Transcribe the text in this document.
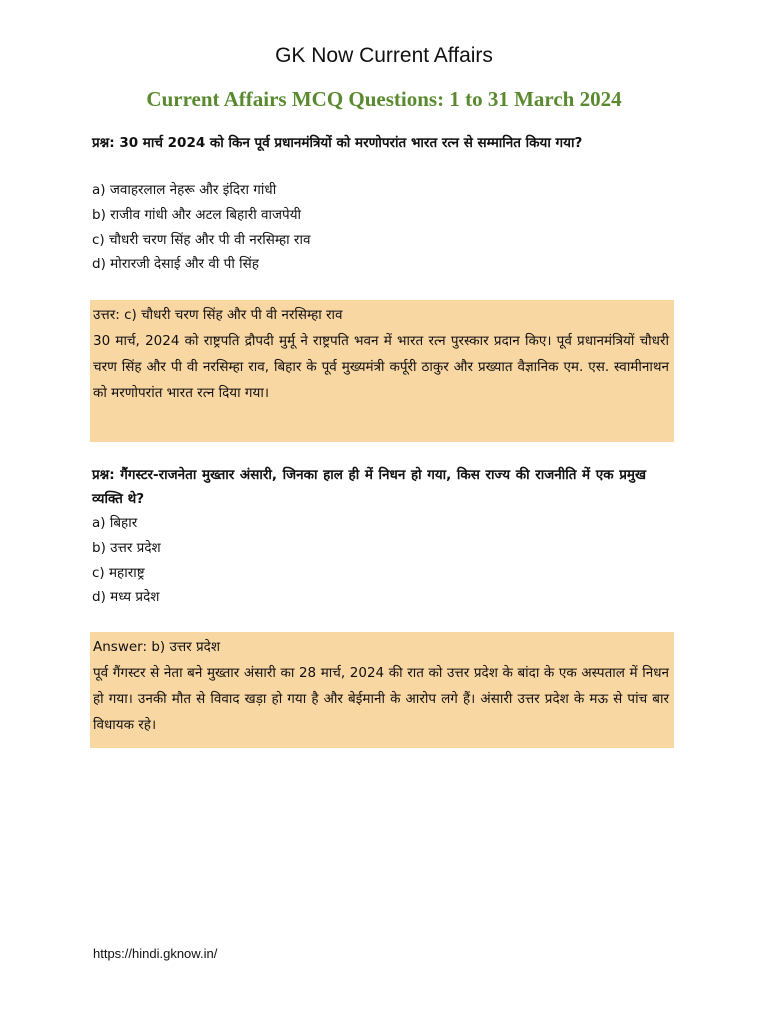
GK Now Current Affairs
Current Affairs MCQ Questions: 1 to 31 March 2024
प्रश्न: 30 मार्च 2024 को किन पूर्व प्रधानमंत्रियों को मरणोपरांत भारत रत्न से सम्मानित किया गया?
a) जवाहरलाल नेहरू और इंदिरा गांधी
b) राजीव गांधी और अटल बिहारी वाजपेयी
c) चौधरी चरण सिंह और पी वी नरसिम्हा राव
d) मोरारजी देसाई और वी पी सिंह
उत्तर: c) चौधरी चरण सिंह और पी वी नरसिम्हा राव
30 मार्च, 2024 को राष्ट्रपति द्रौपदी मुर्मू ने राष्ट्रपति भवन में भारत रत्न पुरस्कार प्रदान किए। पूर्व प्रधानमंत्रियों चौधरी चरण सिंह और पी वी नरसिम्हा राव, बिहार के पूर्व मुख्यमंत्री कर्पूरी ठाकुर और प्रख्यात वैज्ञानिक एम. एस. स्वामीनाथन को मरणोपरांत भारत रत्न दिया गया।
प्रश्न: गैंगस्टर-राजनेता मुख्तार अंसारी, जिनका हाल ही में निधन हो गया, किस राज्य की राजनीति में एक प्रमुख व्यक्ति थे?
a) बिहार
b) उत्तर प्रदेश
c) महाराष्ट्र
d) मध्य प्रदेश
Answer: b) उत्तर प्रदेश
पूर्व गैंगस्टर से नेता बने मुख्तार अंसारी का 28 मार्च, 2024 की रात को उत्तर प्रदेश के बांदा के एक अस्पताल में निधन हो गया। उनकी मौत से विवाद खड़ा हो गया है और बेईमानी के आरोप लगे हैं। अंसारी उत्तर प्रदेश के मऊ से पांच बार विधायक रहे।
https://hindi.gknow.in/
